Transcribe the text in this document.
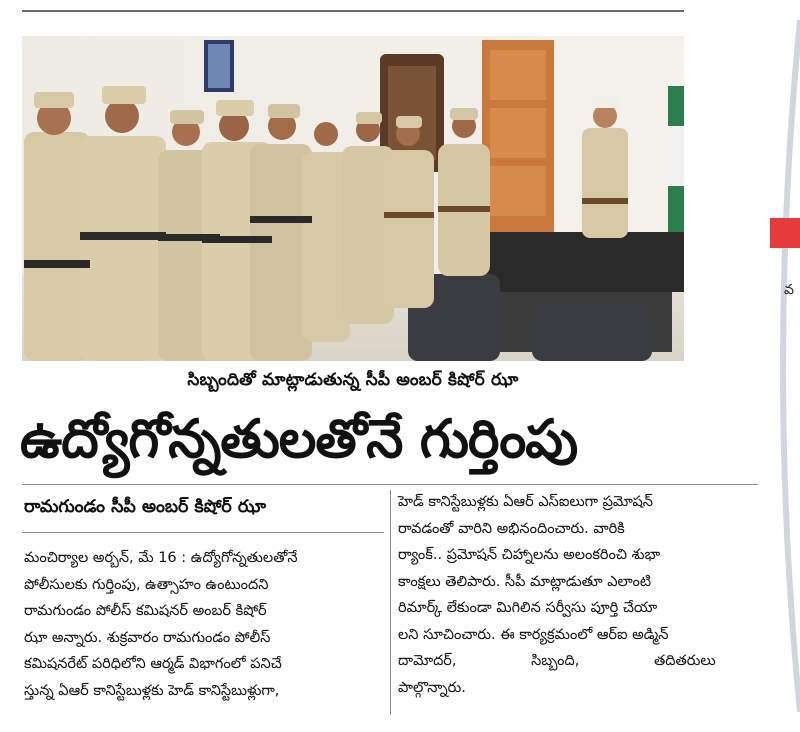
సిబ్బందితో మాట్లాడుతున్న సీపీ అంబర్ కిషోర్ ఝా
ఉద్యోగోన్నతులతోనే గుర్తింపు
రామగుండం సీపీ అంబర్ కిషోర్ ఝా

మంచిర్యాల అర్బన్, మే 16 : ఉద్యోగోన్నతులతోనే

పోలీసులకు గుర్తింపు, ఉత్సాహం ఉంటుందని

రామగుండం పోలీస్ కమిషనర్ అంబర్ కిషోర్

ఝా అన్నారు. శుక్రవారం రామగుండం పోలీస్

కమిషనరేట్ పరిధిలోని ఆర్మడ్ విభాగంలో పనిచే

స్తున్న ఏఆర్ కానిస్టేబుళ్లకు హెడ్ కానిస్టేబుళ్లుగా,

హెడ్ కానిస్టేబుళ్లకు ఏఆర్ ఎస్ఐలుగా ప్రమోషన్

రావడంతో వారిని అభినందించారు. వారికి

ర్యాంక్.. ప్రమోషన్ చిహ్నాలను అలంకరించి శుభా

కాంక్షలు తెలిపారు. సీపీ మాట్లాడుతూ ఎలాంటి

రిమార్క్ లేకుండా మిగిలిన సర్వీసు పూర్తి చేయా

లని సూచించారు. ఈ కార్యక్రమంలో ఆర్ఐ అడ్మిన్

దామోదర్, సిబ్బంది, తదితరులు

పాల్గొన్నారు.

వ
